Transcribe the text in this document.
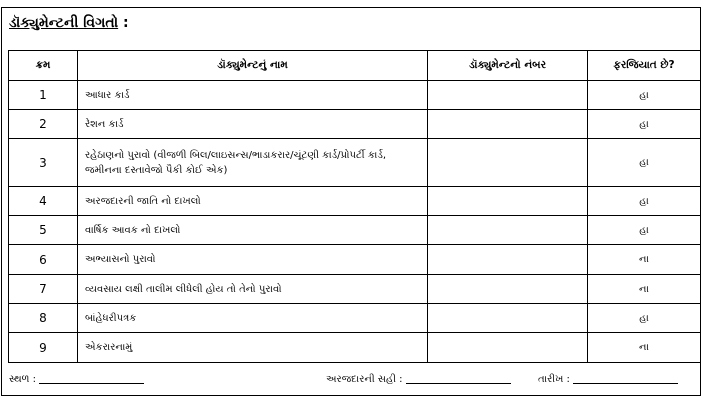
ડૉક્યુમેન્ટની વિગતો :
ક્રમ	ડૉક્યુમેન્ટનું નામ	ડૉક્યુમેન્ટનો નંબર	ફરજિયાત છે?
1	આધાર કાર્ડ		હા
2	રેશન કાર્ડ		હા
3	રહેઠાણનો પુરાવો (વીજળી બિલ/લાઇસન્સ/ભાડાકરાર/ચૂંટણી કાર્ડ/પ્રોપર્ટી કાર્ડ, જમીનના દસ્તાવેજો પૈકી કોઈ એક)		હા
4	અરજદારની જાતિ નો દાખલો		હા
5	વાર્ષિક આવક નો દાખલો		હા
6	અભ્યાસનો પુરાવો		ના
7	વ્યવસાય લક્ષી તાલીમ લીધેલી હોય તો તેનો પુરાવો		ના
8	બાંહેધરીપત્રક		હા
9	એકરારનામું		ના
સ્થળ :	અરજદારની સહી :	તારીખ :
